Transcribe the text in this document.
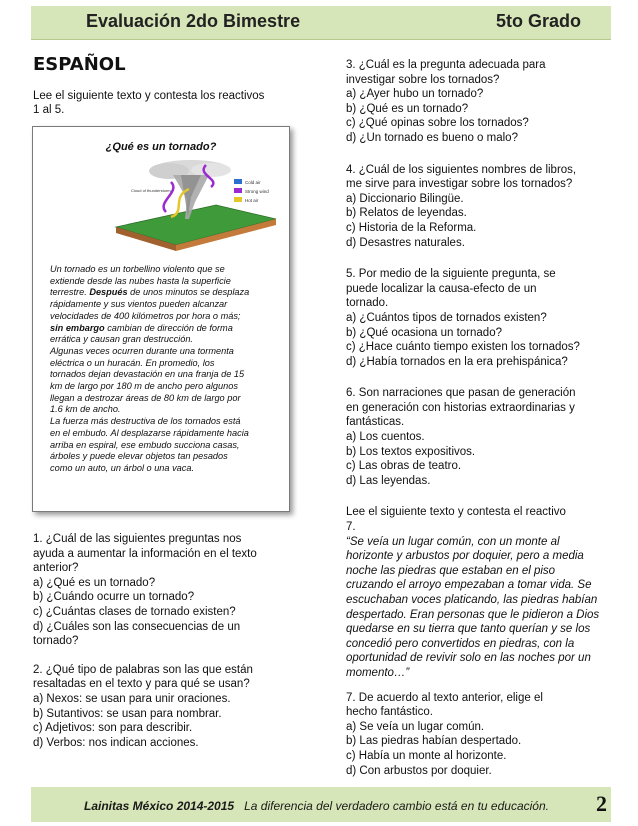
Evaluación 2do Bimestre	5to Grado

ESPAÑOL

Lee el siguiente texto y contesta los reactivos

1 al 5.

¿Qué es un tornado?
Cold air
Strong wind
Hot air
Cloud of thunderstorm

Un tornado es un torbellino violento que se

extiende desde las nubes hasta la superficie

terrestre. Después de unos minutos se desplaza

rápidamente y sus vientos pueden alcanzar

velocidades de 400 kilómetros por hora o más;

sin embargo cambian de dirección de forma

errática y causan gran destrucción.

Algunas veces ocurren durante una tormenta

eléctrica o un huracán. En promedio, los

tornados dejan devastación en una franja de 15

km de largo por 180 m de ancho pero algunos

llegan a destrozar áreas de 80 km de largo por

1.6 km de ancho.

La fuerza más destructiva de los tornados está

en el embudo. Al desplazarse rápidamente hacia

arriba en espiral, ese embudo succiona casas,

árboles y puede elevar objetos tan pesados

como un auto, un árbol o una vaca.

1. ¿Cuál de las siguientes preguntas nos

ayuda a aumentar la información en el texto

anterior?

a) ¿Qué es un tornado?

b) ¿Cuándo ocurre un tornado?

c) ¿Cuántas clases de tornado existen?

d) ¿Cuáles son las consecuencias de un

tornado?

2. ¿Qué tipo de palabras son las que están

resaltadas en el texto y para qué se usan?

a) Nexos: se usan para unir oraciones.

b) Sutantivos: se usan para nombrar.

c) Adjetivos: son para describir.

d) Verbos: nos indican acciones.

3. ¿Cuál es la pregunta adecuada para

investigar sobre los tornados?

a) ¿Ayer hubo un tornado?

b) ¿Qué es un tornado?

c) ¿Qué opinas sobre los tornados?

d) ¿Un tornado es bueno o malo?

4. ¿Cuál de los siguientes nombres de libros,

me sirve para investigar sobre los tornados?

a) Diccionario Bilingüe.

b) Relatos de leyendas.

c) Historia de la Reforma.

d) Desastres naturales.

5. Por medio de la siguiente pregunta, se

puede localizar la causa-efecto de un

tornado.

a) ¿Cuántos tipos de tornados existen?

b) ¿Qué ocasiona un tornado?

c) ¿Hace cuánto tiempo existen los tornados?

d) ¿Había tornados en la era prehispánica?

6. Son narraciones que pasan de generación

en generación con historias extraordinarias y

fantásticas.

a) Los cuentos.

b) Los textos expositivos.

c) Las obras de teatro.

d) Las leyendas.

Lee el siguiente texto y contesta el reactivo

7.

“Se veía un lugar común, con un monte al

horizonte y arbustos por doquier, pero a media

noche las piedras que estaban en el piso

cruzando el arroyo empezaban a tomar vida. Se

escuchaban voces platicando, las piedras habían

despertado. Eran personas que le pidieron a Dios

quedarse en su tierra que tanto querían y se los

concedió pero convertidos en piedras, con la

oportunidad de revivir solo en las noches por un

momento…”

7. De acuerdo al texto anterior, elige el

hecho fantástico.

a) Se veía un lugar común.

b) Las piedras habían despertado.

c) Había un monte al horizonte.

d) Con arbustos por doquier.

Lainitas México 2014-2015 La diferencia del verdadero cambio está en tu educación. 2
